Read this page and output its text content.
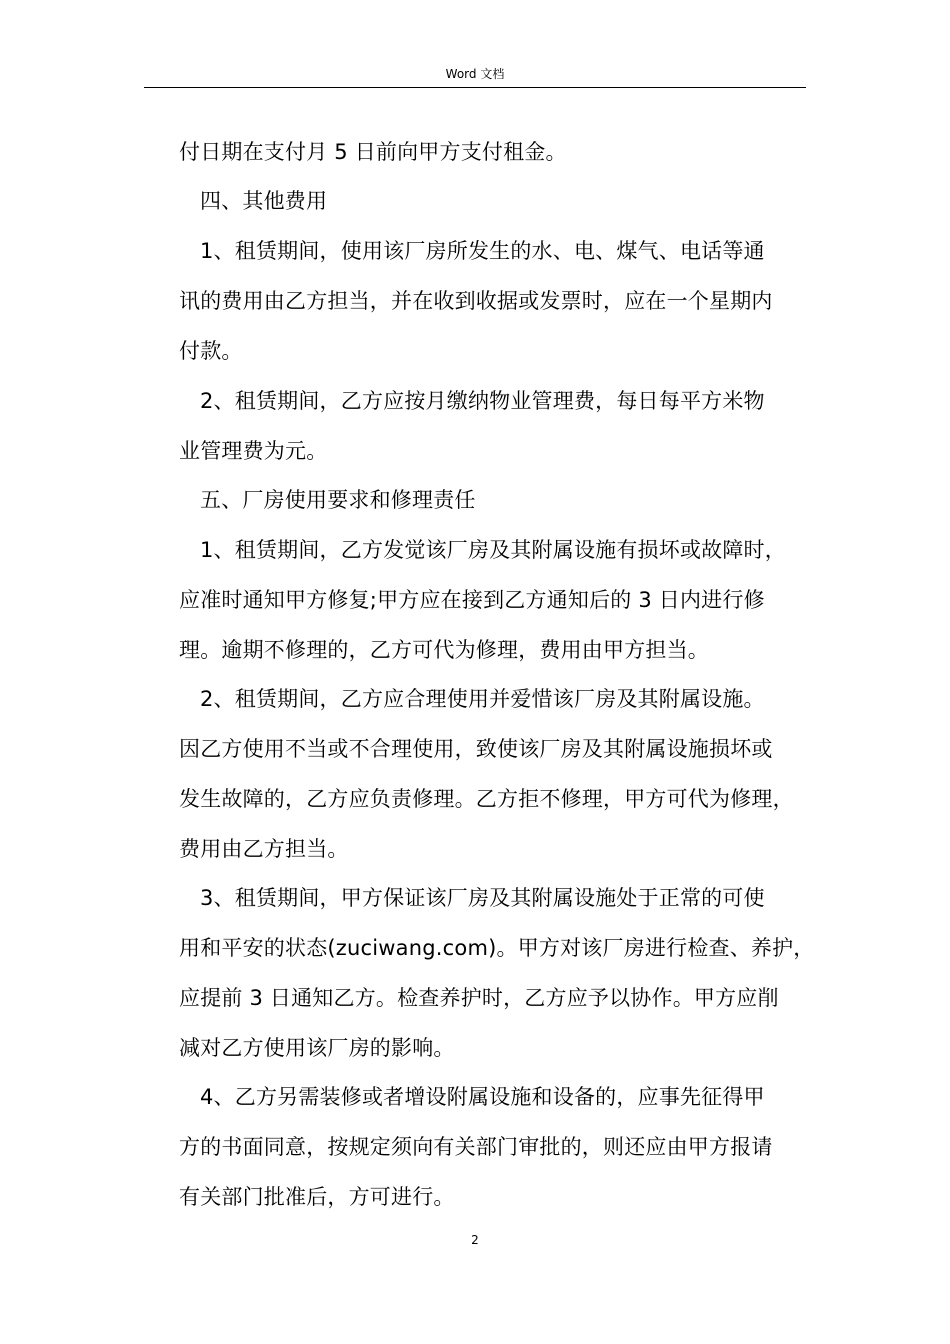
Word 文档
付日期在支付月 5 日前向甲方支付租金。
四、其他费用
1、租赁期间，使用该厂房所发生的水、电、煤气、电话等通
讯的费用由乙方担当，并在收到收据或发票时，应在一个星期内
付款。
2、租赁期间，乙方应按月缴纳物业管理费，每日每平方米物
业管理费为元。
五、厂房使用要求和修理责任
1、租赁期间，乙方发觉该厂房及其附属设施有损坏或故障时，
应准时通知甲方修复;甲方应在接到乙方通知后的 3 日内进行修
理。逾期不修理的，乙方可代为修理，费用由甲方担当。
2、租赁期间，乙方应合理使用并爱惜该厂房及其附属设施。
因乙方使用不当或不合理使用，致使该厂房及其附属设施损坏或
发生故障的，乙方应负责修理。乙方拒不修理，甲方可代为修理，
费用由乙方担当。
3、租赁期间，甲方保证该厂房及其附属设施处于正常的可使
用和平安的状态(zuciwang.com)。甲方对该厂房进行检查、养护，
应提前 3 日通知乙方。检查养护时，乙方应予以协作。甲方应削
减对乙方使用该厂房的影响。
4、乙方另需装修或者增设附属设施和设备的，应事先征得甲
方的书面同意，按规定须向有关部门审批的，则还应由甲方报请
有关部门批准后，方可进行。
2
